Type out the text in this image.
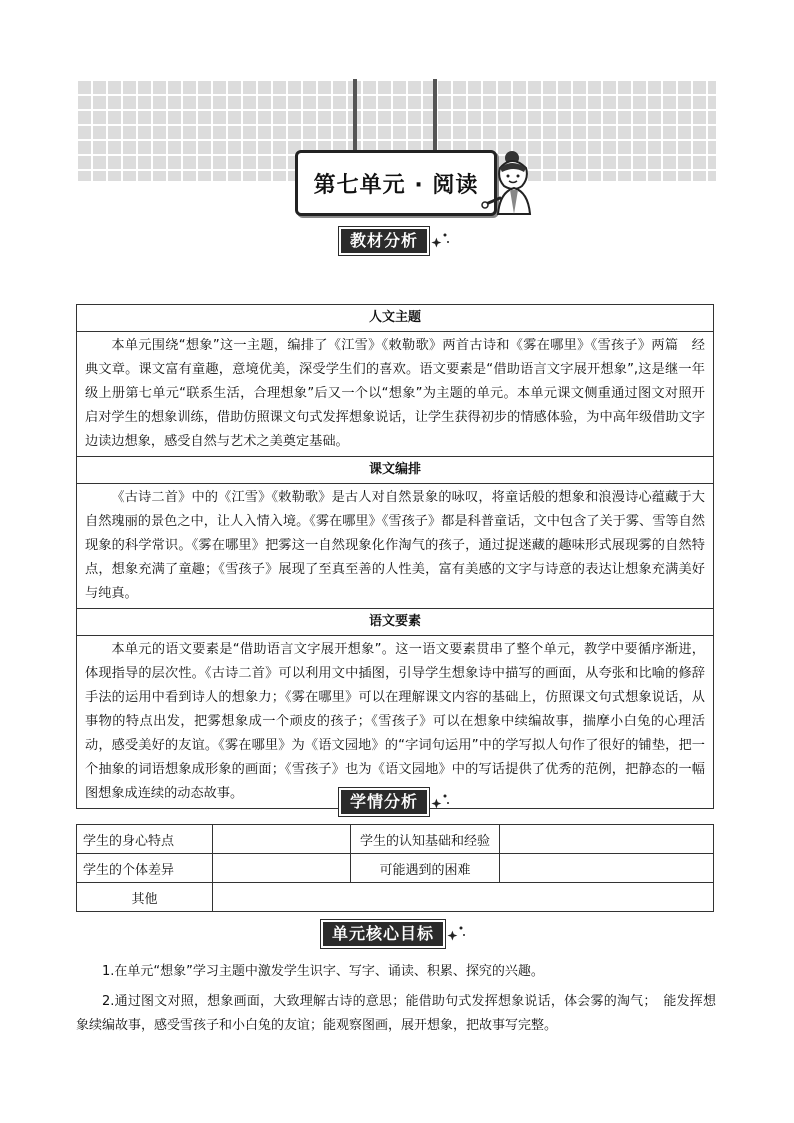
第七单元 · 阅读
教材分析
人文主题
本单元围绕“想象”这一主题，编排了《江雪》《敕勒歌》两首古诗和《雾在哪里》《雪孩子》两篇　经典文章。课文富有童趣，意境优美，深受学生们的喜欢。语文要素是“借助语言文字展开想象”,这是继一年级上册第七单元“联系生活，合理想象”后又一个以“想象”为主题的单元。本单元课文侧重通过图文对照开启对学生的想象训练，借助仿照课文句式发挥想象说话，让学生获得初步的情感体验，为中高年级借助文字边读边想象，感受自然与艺术之美奠定基础。
课文编排
《古诗二首》中的《江雪》《敕勒歌》是古人对自然景象的咏叹，将童话般的想象和浪漫诗心蕴藏于大自然瑰丽的景色之中，让人入情入境。《雾在哪里》《雪孩子》都是科普童话，文中包含了关于雾、雪等自然现象的科学常识。《雾在哪里》把雾这一自然现象化作淘气的孩子，通过捉迷藏的趣味形式展现雾的自然特点，想象充满了童趣；《雪孩子》展现了至真至善的人性美，富有美感的文字与诗意的表达让想象充满美好与纯真。
语文要素
本单元的语文要素是“借助语言文字展开想象”。这一语文要素贯串了整个单元，教学中要循序渐进，体现指导的层次性。《古诗二首》可以利用文中插图，引导学生想象诗中描写的画面，从夸张和比喻的修辞手法的运用中看到诗人的想象力；《雾在哪里》可以在理解课文内容的基础上，仿照课文句式想象说话，从事物的特点出发，把雾想象成一个顽皮的孩子；《雪孩子》可以在想象中续编故事，揣摩小白兔的心理活动，感受美好的友谊。《雾在哪里》为《语文园地》的“字词句运用”中的学写拟人句作了很好的铺垫，把一个抽象的词语想象成形象的画面；《雪孩子》也为《语文园地》中的写话提供了优秀的范例，把静态的一幅图想象成连续的动态故事。	学情分析
学生的身心特点		学生的认知基础和经验	
学生的个体差异		可能遇到的困难	
其他			
单元核心目标

1.在单元“想象”学习主题中激发学生识字、写字、诵读、积累、探究的兴趣。

2.通过图文对照，想象画面，大致理解古诗的意思；能借助句式发挥想象说话，体会雾的淘气；　能发挥想象续编故事，感受雪孩子和小白兔的友谊；能观察图画，展开想象，把故事写完整。
